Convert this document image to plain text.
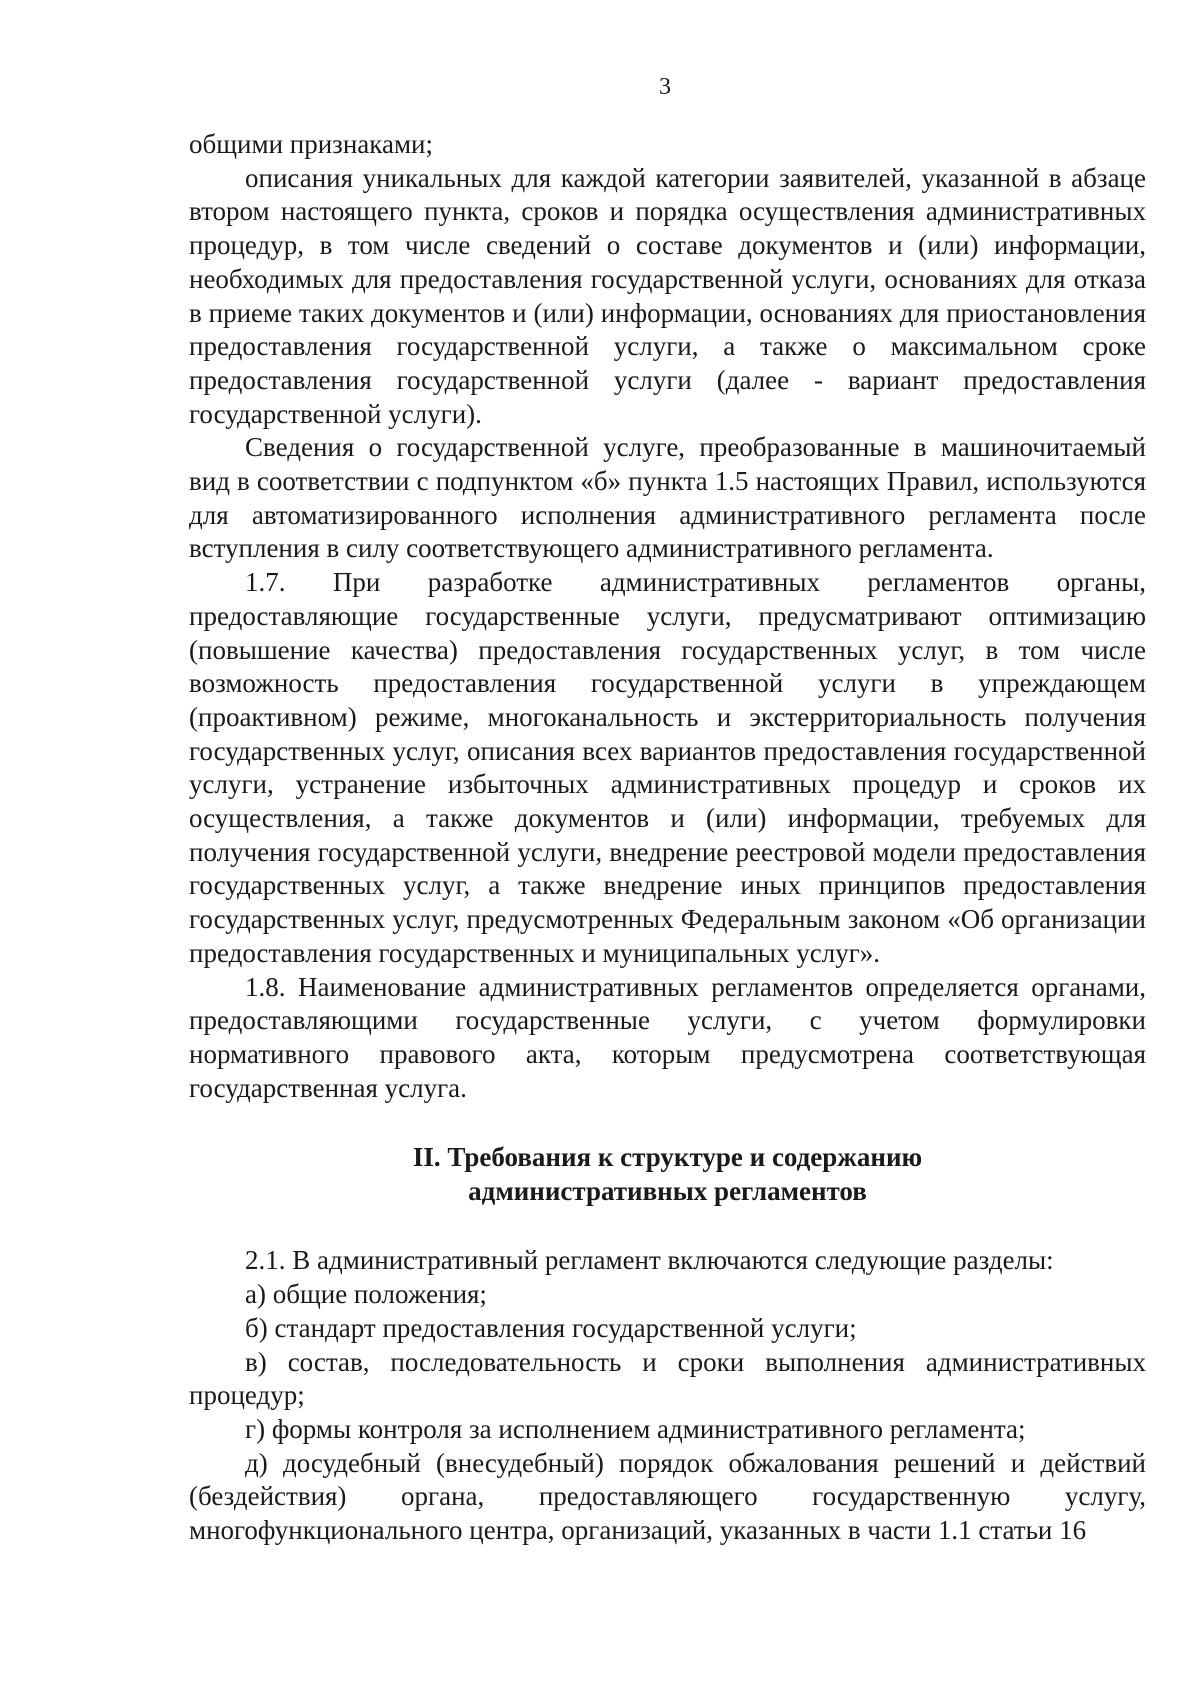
3

общими признаками;

описания уникальных для каждой категории заявителей, указанной в абзаце втором настоящего пункта, сроков и порядка осуществления административных процедур, в том числе сведений о составе документов и (или) информации, необходимых для предоставления государственной услуги, основаниях для отказа в приеме таких документов и (или) информации, основаниях для приостановления предоставления государственной услуги, а также о максимальном сроке предоставления государственной услуги (далее - вариант предоставления государственной услуги).

Сведения о государственной услуге, преобразованные в машиночитаемый вид в соответствии с подпунктом «б» пункта 1.5 настоящих Правил, используются для автоматизированного исполнения административного регламента после вступления в силу соответствующего административного регламента.

1.7. При разработке административных регламентов органы, предоставляющие государственные услуги, предусматривают оптимизацию (повышение качества) предоставления государственных услуг, в том числе возможность предоставления государственной услуги в упреждающем (проактивном) режиме, многоканальность и экстерриториальность получения государственных услуг, описания всех вариантов предоставления государственной услуги, устранение избыточных административных процедур и сроков их осуществления, а также документов и (или) информации, требуемых для получения государственной услуги, внедрение реестровой модели предоставления государственных услуг, а также внедрение иных принципов предоставления государственных услуг, предусмотренных Федеральным законом «Об организации предоставления государственных и муниципальных услуг».

1.8. Наименование административных регламентов определяется органами, предоставляющими государственные услуги, с учетом формулировки нормативного правового акта, которым предусмотрена соответствующая государственная услуга.

II. Требования к структуре и содержанию
административных регламентов

2.1. В административный регламент включаются следующие разделы:

а) общие положения;

б) стандарт предоставления государственной услуги;

в) состав, последовательность и сроки выполнения административных процедур;

г) формы контроля за исполнением административного регламента;

д) досудебный (внесудебный) порядок обжалования решений и действий (бездействия) органа, предоставляющего государственную услугу, многофункционального центра, организаций, указанных в части 1.1 статьи 16
